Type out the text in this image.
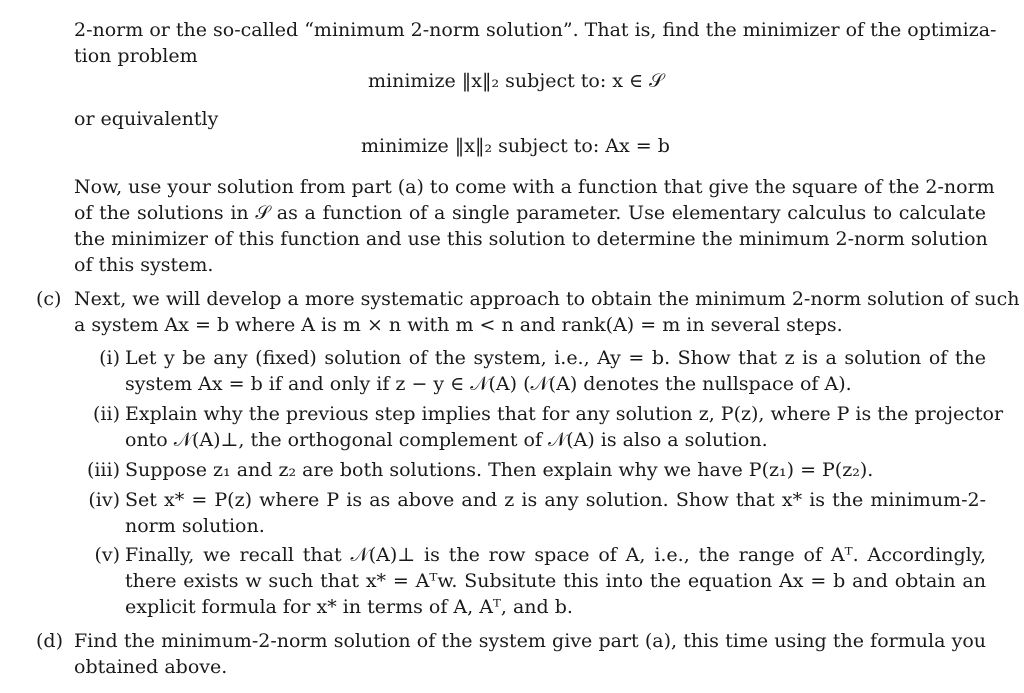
2-norm or the so-called “minimum 2-norm solution”. That is, find the minimizer of the optimiza-
tion problem
minimize ‖x‖₂ subject to: x ∈ 𝒮
or equivalently
minimize ‖x‖₂ subject to: Ax = b
Now, use your solution from part (a) to come with a function that give the square of the 2-norm
of the solutions in 𝒮 as a function of a single parameter. Use elementary calculus to calculate
the minimizer of this function and use this solution to determine the minimum 2-norm solution
of this system.
(c) Next, we will develop a more systematic approach to obtain the minimum 2-norm solution of such
a system Ax = b where A is m × n with m < n and rank(A) = m in several steps.
(i) Let y be any (fixed) solution of the system, i.e., Ay = b. Show that z is a solution of the
system Ax = b if and only if z − y ∈ 𝒩(A) (𝒩(A) denotes the nullspace of A).
(ii) Explain why the previous step implies that for any solution z, P(z), where P is the projector
onto 𝒩(A)⊥, the orthogonal complement of 𝒩(A) is also a solution.
(iii) Suppose z₁ and z₂ are both solutions. Then explain why we have P(z₁) = P(z₂).
(iv) Set x* = P(z) where P is as above and z is any solution. Show that x* is the minimum-2-
norm solution.
(v) Finally, we recall that 𝒩(A)⊥ is the row space of A, i.e., the range of Aᵀ. Accordingly,
there exists w such that x* = Aᵀw. Subsitute this into the equation Ax = b and obtain an
explicit formula for x* in terms of A, Aᵀ, and b.
(d) Find the minimum-2-norm solution of the system give part (a), this time using the formula you
obtained above.
